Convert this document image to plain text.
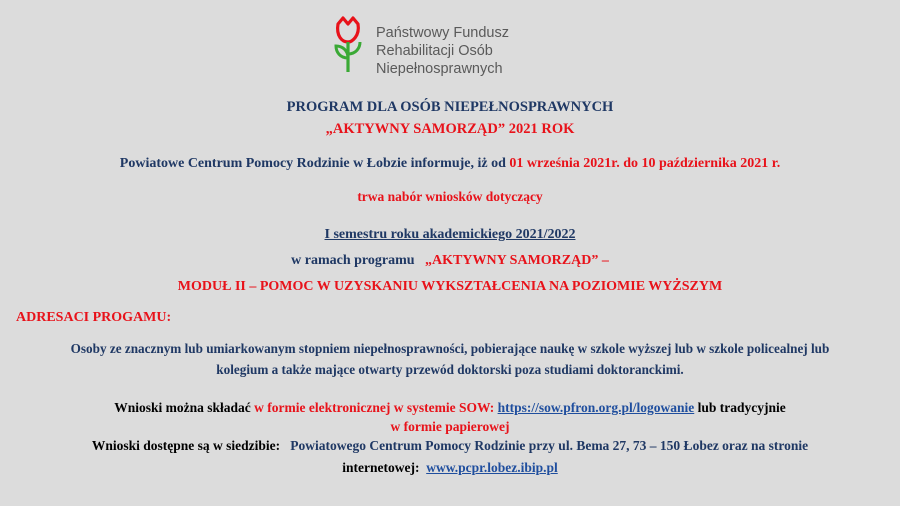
Państwowy Fundusz
Rehabilitacji Osób
Niepełnosprawnych
PROGRAM DLA OSÓB NIEPEŁNOSPRAWNYCH
„AKTYWNY SAMORZĄD” 2021 ROK
Powiatowe Centrum Pomocy Rodzinie w Łobzie informuje, iż od 01 września 2021r. do 10 października 2021 r.
trwa nabór wniosków dotyczący
I semestru roku akademickiego 2021/2022
w ramach programu „AKTYWNY SAMORZĄD” –
MODUŁ II – POMOC W UZYSKANIU WYKSZTAŁCENIA NA POZIOMIE WYŻSZYM
ADRESACI PROGAMU:
Osoby ze znacznym lub umiarkowanym stopniem niepełnosprawności, pobierające naukę w szkole wyższej lub w szkole policealnej lub
kolegium a także mające otwarty przewód doktorski poza studiami doktoranckimi.
Wnioski można składać w formie elektronicznej w systemie SOW: https://sow.pfron.org.pl/logowanie lub tradycyjnie
w formie papierowej
Wnioski dostępne są w siedzibie: Powiatowego Centrum Pomocy Rodzinie przy ul. Bema 27, 73 – 150 Łobez oraz na stronie
internetowej: www.pcpr.lobez.ibip.pl
